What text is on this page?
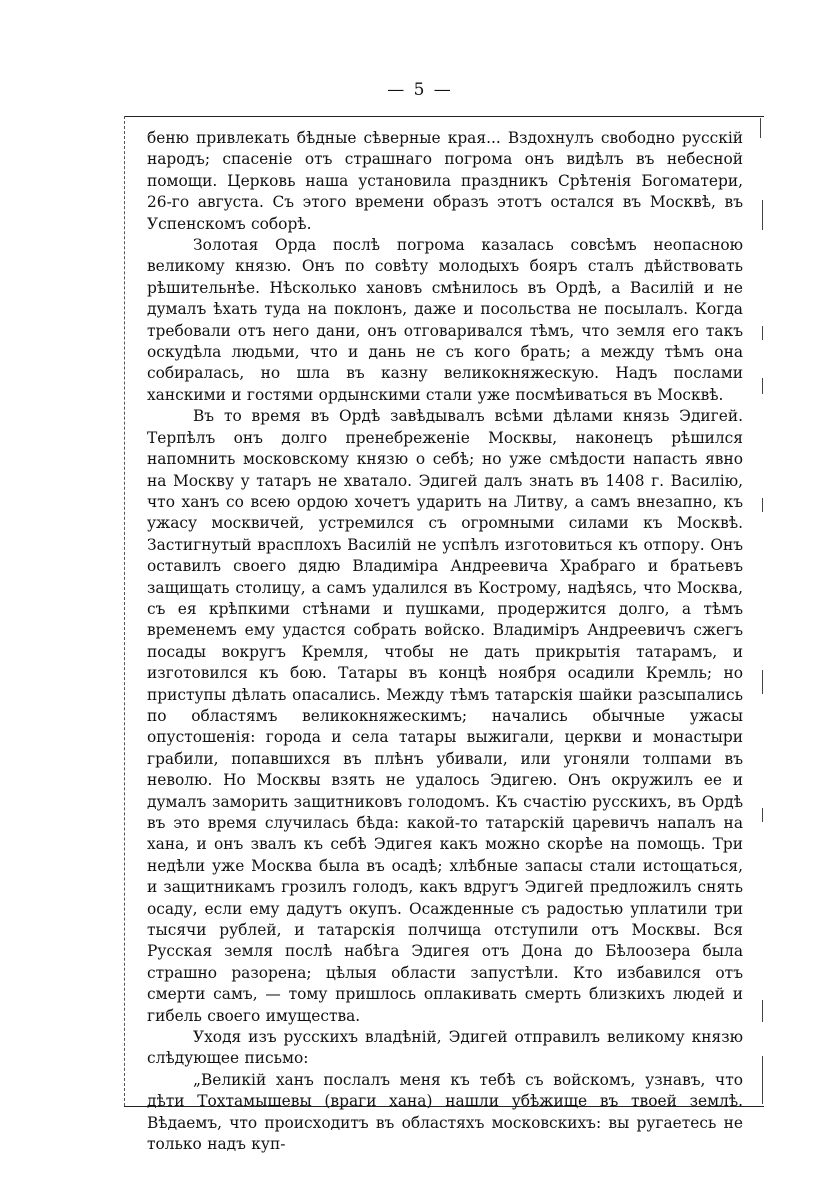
— 5 —

беню привлекать бѣдные сѣверные края... Вздохнулъ свободно русскій народъ; спасеніе отъ страшнаго погрома онъ видѣлъ въ небесной помощи. Церковь наша установила праздникъ Срѣтенія Богоматери, 26-го августа. Съ этого времени образъ этотъ остался въ Москвѣ, въ Успенскомъ соборѣ.

Золотая Орда послѣ погрома казалась совсѣмъ неопасною великому князю. Онъ по совѣту молодыхъ бояръ сталъ дѣйствовать рѣшительнѣе. Нѣсколько хановъ смѣнилось въ Ордѣ, а Василій и не думалъ ѣхать туда на поклонъ, даже и посольства не посылалъ. Когда требовали отъ него дани, онъ отговаривался тѣмъ, что земля его такъ оскудѣла людьми, что и дань не съ кого брать; а между тѣмъ она собиралась, но шла въ казну великокняжескую. Надъ послами ханскими и гостями ордынскими стали уже посмѣиваться въ Москвѣ.

Въ то время въ Ордѣ завѣдывалъ всѣми дѣлами князь Эдигей. Терпѣлъ онъ долго пренебреженіе Москвы, наконецъ рѣшился напомнить московскому князю о себѣ; но уже смѣдости напасть явно на Москву у татаръ не хватало. Эдигей далъ знать въ 1408 г. Василію, что ханъ со всею ордою хочетъ ударить на Литву, а самъ внезапно, къ ужасу москвичей, устремился съ огромными силами къ Москвѣ. Застигнутый врасплохъ Василій не успѣлъ изготовиться къ отпору. Онъ оставилъ своего дядю Владиміра Андреевича Храбраго и братьевъ защищать столицу, а самъ удалился въ Кострому, надѣясь, что Москва, съ ея крѣпкими стѣнами и пушками, продержится долго, а тѣмъ временемъ ему удастся собрать войско. Владиміръ Андреевичъ сжегъ посады вокругъ Кремля, чтобы не дать прикрытія татарамъ, и изготовился къ бою. Татары въ концѣ ноября осадили Кремль; но приступы дѣлать опасались. Между тѣмъ татарскія шайки разсыпались по областямъ великокняжескимъ; начались обычные ужасы опустошенія: города и села татары выжигали, церкви и монастыри грабили, попавшихся въ плѣнъ убивали, или угоняли толпами въ неволю. Но Москвы взять не удалось Эдигею. Онъ окружилъ ее и думалъ заморить защитниковъ голодомъ. Къ счастію русскихъ, въ Ордѣ въ это время случилась бѣда: какой-то татарскій царевичъ напалъ на хана, и онъ звалъ къ себѣ Эдигея какъ можно скорѣе на помощь. Три недѣли уже Москва была въ осадѣ; хлѣбные запасы стали истощаться, и защитникамъ грозилъ голодъ, какъ вдругъ Эдигей предложилъ снять осаду, если ему дадутъ окупъ. Осажденные съ радостью уплатили три тысячи рублей, и татарскія полчища отступили отъ Москвы. Вся Русская земля послѣ набѣга Эдигея отъ Дона до Бѣлоозера была страшно разорена; цѣлыя области запустѣли. Кто избавился отъ смерти самъ, — тому пришлось оплакивать смерть близкихъ людей и гибель своего имущества.

Уходя изъ русскихъ владѣній, Эдигей отправилъ великому князю слѣдующее письмо:

„Великій ханъ послалъ меня къ тебѣ съ войскомъ, узнавъ, что дѣти Тохтамышевы (враги хана) нашли убѣжище въ твоей землѣ. Вѣдаемъ, что происходитъ въ областяхъ московскихъ: вы ругаетесь не только надъ куп-
